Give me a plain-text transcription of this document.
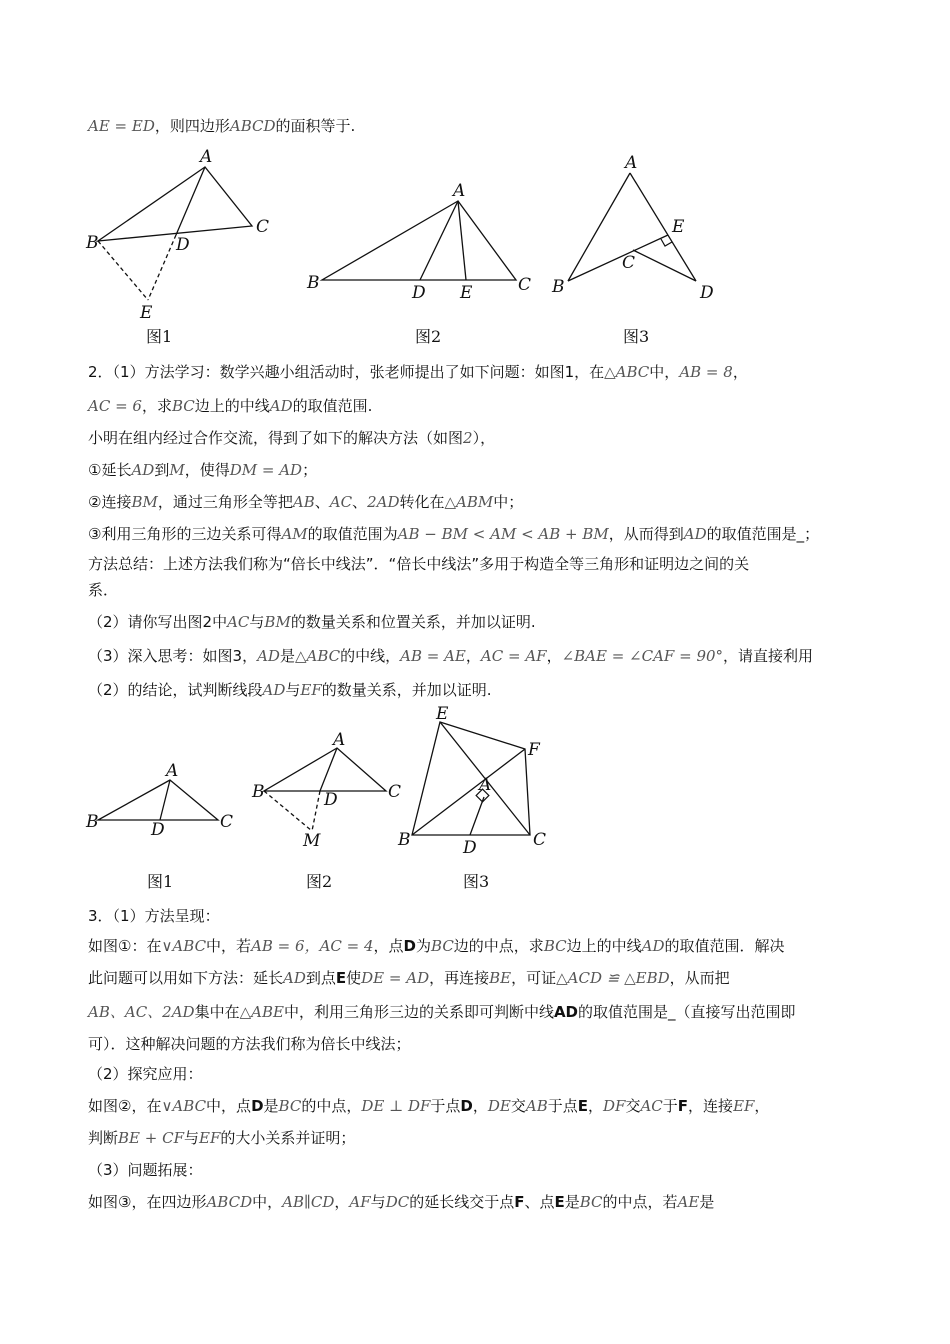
AE = ED，则四边形ABCD的面积等于.
A
B
C
D
E
图1
A
B	C
D E
图2
A
B
C
D
E
图3
2．（1）方法学习：数学兴趣小组活动时，张老师提出了如下问题：如图1，在△ABC中，AB = 8，
AC = 6，求BC边上的中线AD的取值范围.
小明在组内经过合作交流，得到了如下的解决方法（如图2），
①延长AD到M，使得DM = AD；
②连接BM，通过三角形全等把AB、AC、2AD转化在△ABM中；
③利用三角形的三边关系可得AM的取值范围为AB − BM < AM < AB + BM，从而得到AD的取值范围是_；
方法总结：上述方法我们称为“倍长中线法”．“倍长中线法”多用于构造全等三角形和证明边之间的关
系．
（2）请你写出图2中AC与BM的数量关系和位置关系，并加以证明.
（3）深入思考：如图3，AD是△ABC的中线，AB = AE，AC = AF，∠BAE = ∠CAF = 90°，请直接利用
（2）的结论，试判断线段AD与EF的数量关系，并加以证明.
A
B	C
D
图1
A
B	C
D
M
图2
E
F
A
B	C
D
图3
3．（1）方法呈现：
如图①：在∨ABC中，若AB = 6，AC = 4，点D为BC边的中点，求BC边上的中线AD的取值范围．解决
此问题可以用如下方法：延长AD到点E使DE = AD，再连接BE，可证△ACD ≌ △EBD，从而把
AB、AC、2AD集中在△ABE中，利用三角形三边的关系即可判断中线AD的取值范围是_（直接写出范围即
可）．这种解决问题的方法我们称为倍长中线法；
（2）探究应用：
如图②，在∨ABC中，点D是BC的中点，DE ⊥ DF于点D，DE交AB于点E，DF交AC于F，连接EF，
判断BE + CF与EF的大小关系并证明；
（3）问题拓展：
如图③，在四边形ABCD中，AB∥CD，AF与DC的延长线交于点F、点E是BC的中点，若AE是
